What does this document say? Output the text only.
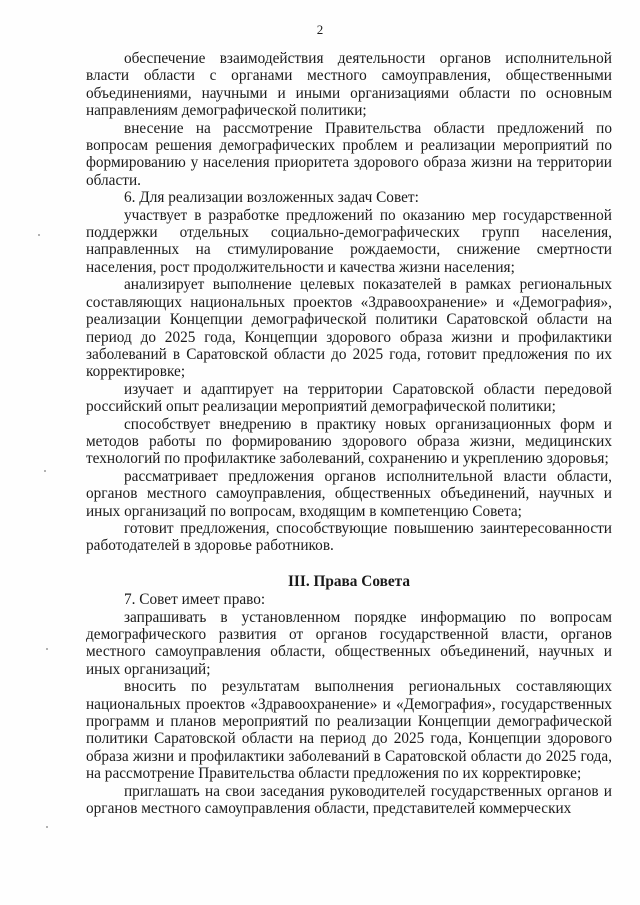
2

обеспечение взаимодействия деятельности органов исполнительной власти области с органами местного самоуправления, общественными объединениями, научными и иными организациями области по основным направлениям демографической политики;

внесение на рассмотрение Правительства области предложений по вопросам решения демографических проблем и реализации мероприятий по формированию у населения приоритета здорового образа жизни на территории области.

6. Для реализации возложенных задач Совет:

участвует в разработке предложений по оказанию мер государственной поддержки отдельных социально-демографических групп населения, направленных на стимулирование рождаемости, снижение смертности населения, рост продолжительности и качества жизни населения;

анализирует выполнение целевых показателей в рамках региональных составляющих национальных проектов «Здравоохранение» и «Демография», реализации Концепции демографической политики Саратовской области на период до 2025 года, Концепции здорового образа жизни и профилактики заболеваний в Саратовской области до 2025 года, готовит предложения по их корректировке;

изучает и адаптирует на территории Саратовской области передовой российский опыт реализации мероприятий демографической политики;

способствует внедрению в практику новых организационных форм и методов работы по формированию здорового образа жизни, медицинских технологий по профилактике заболеваний, сохранению и укреплению здоровья;

рассматривает предложения органов исполнительной власти области, органов местного самоуправления, общественных объединений, научных и иных организаций по вопросам, входящим в компетенцию Совета;

готовит предложения, способствующие повышению заинтересованности работодателей в здоровье работников.

III. Права Совета

7. Совет имеет право:

запрашивать в установленном порядке информацию по вопросам демографического развития от органов государственной власти, органов местного самоуправления области, общественных объединений, научных и иных организаций;

вносить по результатам выполнения региональных составляющих национальных проектов «Здравоохранение» и «Демография», государственных программ и планов мероприятий по реализации Концепции демографической политики Саратовской области на период до 2025 года, Концепции здорового образа жизни и профилактики заболеваний в Саратовской области до 2025 года, на рассмотрение Правительства области предложения по их корректировке;

приглашать на свои заседания руководителей государственных органов и органов местного самоуправления области, представителей коммерческих
